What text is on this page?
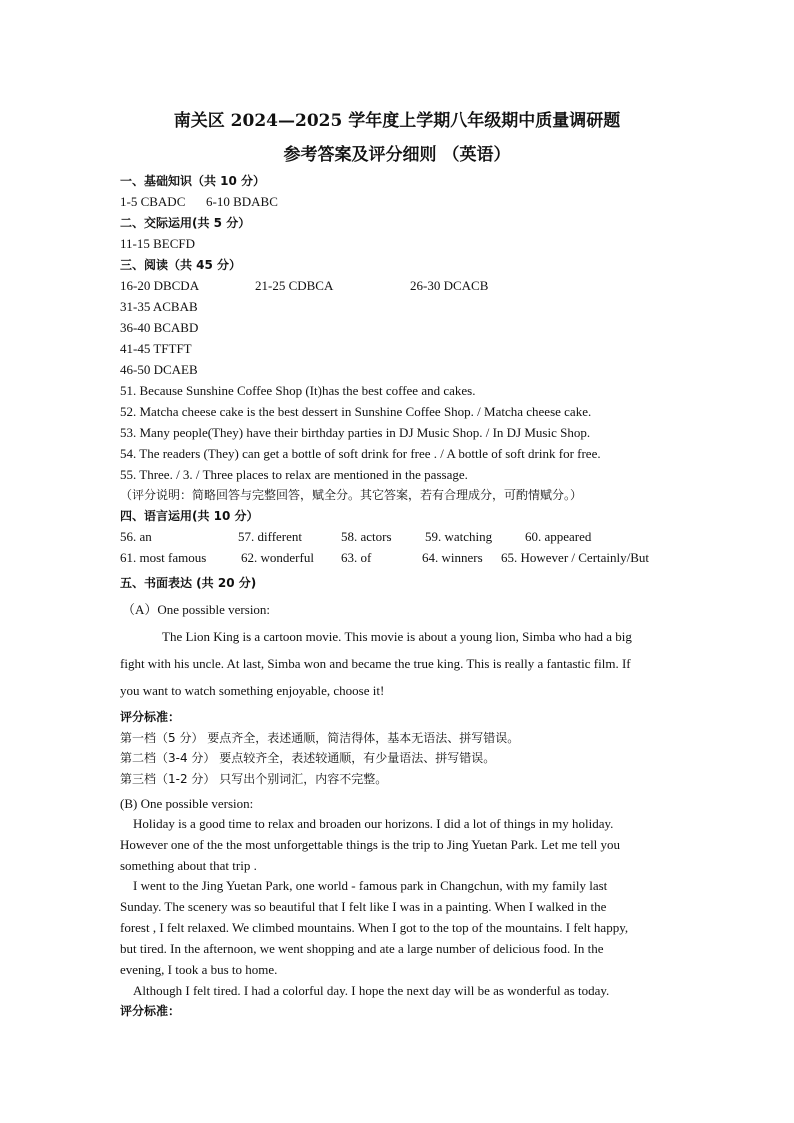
南关区 2024—2025 学年度上学期八年级期中质量调研题
参考答案及评分细则 （英语）
一、基础知识（共 10 分）
1-5 CBADC 6-10 BDABC
二、交际运用(共 5 分）
11-15 BECFD
三、阅读（共 45 分）
16-20 DBCDA	21-25 CDBCA	26-30 DCACB
31-35 ACBAB
36-40 BCABD
41-45 TFTFT
46-50 DCAEB
51. Because Sunshine Coffee Shop (It)has the best coffee and cakes.
52. Matcha cheese cake is the best dessert in Sunshine Coffee Shop. / Matcha cheese cake.
53. Many people(They) have their birthday parties in DJ Music Shop. / In DJ Music Shop.
54. The readers (They) can get a bottle of soft drink for free . / A bottle of soft drink for free.
55. Three. / 3. / Three places to relax are mentioned in the passage.
（评分说明：简略回答与完整回答，赋全分。其它答案，若有合理成分，可酌情赋分。）
四、语言运用(共 10 分）
56. an	57. different	58. actors	59. watching	60. appeared
61. most famous	62. wonderful 63. of	64. winners 65. However / Certainly/But
五、书面表达 (共 20 分)
（A）One possible version:
The Lion King is a cartoon movie. This movie is about a young lion, Simba who had a big
fight with his uncle. At last, Simba won and became the true king. This is really a fantastic film. If
you want to watch something enjoyable, choose it!
评分标准：
第一档（5 分） 要点齐全，表述通顺，简洁得体，基本无语法、拼写错误。
第二档（3-4 分） 要点较齐全，表述较通顺，有少量语法、拼写错误。
第三档（1-2 分） 只写出个别词汇，内容不完整。
(B) One possible version:
Holiday is a good time to relax and broaden our horizons. I did a lot of things in my holiday.
However one of the the most unforgettable things is the trip to Jing Yuetan Park. Let me tell you
something about that trip .
I went to the Jing Yuetan Park, one world - famous park in Changchun, with my family last
Sunday. The scenery was so beautiful that I felt like I was in a painting. When I walked in the
forest , I felt relaxed. We climbed mountains. When I got to the top of the mountains. I felt happy,
but tired. In the afternoon, we went shopping and ate a large number of delicious food. In the
evening, I took a bus to home.
Although I felt tired. I had a colorful day. I hope the next day will be as wonderful as today.
评分标准：
